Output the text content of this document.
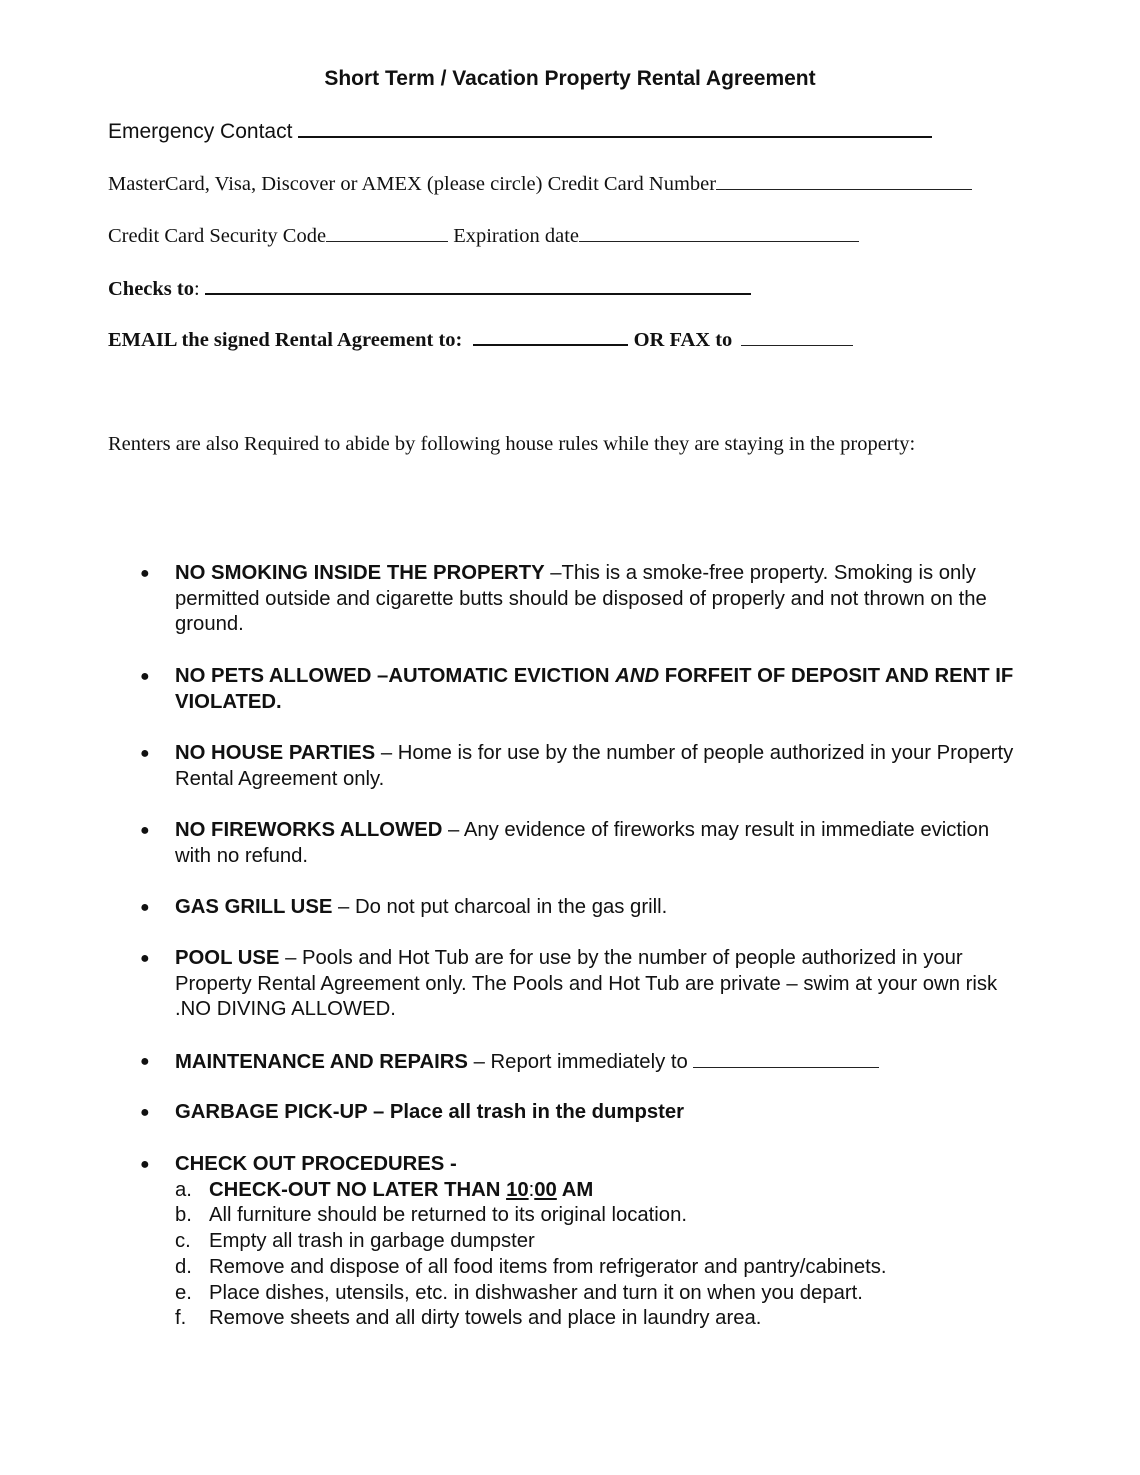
Short Term / Vacation Property Rental Agreement
Emergency Contact
MasterCard, Visa, Discover or AMEX (please circle) Credit Card Number
Credit Card Security Code	Expiration date
Checks to:
EMAIL the signed Rental Agreement to:	OR FAX to
Renters are also Required to abide by following house rules while they are staying in the property:
● NO SMOKING INSIDE THE PROPERTY –This is a smoke-free property. Smoking is only permitted outside and cigarette butts should be disposed of properly and not thrown on the ground.
● NO PETS ALLOWED –AUTOMATIC EVICTION AND FORFEIT OF DEPOSIT AND RENT IF VIOLATED.
● NO HOUSE PARTIES – Home is for use by the number of people authorized in your Property Rental Agreement only.
● NO FIREWORKS ALLOWED – Any evidence of fireworks may result in immediate eviction with no refund.
● GAS GRILL USE – Do not put charcoal in the gas grill.
● POOL USE – Pools and Hot Tub are for use by the number of people authorized in your Property Rental Agreement only. The Pools and Hot Tub are private – swim at your own risk .NO DIVING ALLOWED.
● MAINTENANCE AND REPAIRS – Report immediately to
● GARBAGE PICK-UP – Place all trash in the dumpster
● CHECK OUT PROCEDURES -
a. CHECK-OUT NO LATER THAN 10:00 AM
b. All furniture should be returned to its original location.
c. Empty all trash in garbage dumpster
d. Remove and dispose of all food items from refrigerator and pantry/cabinets.
e. Place dishes, utensils, etc. in dishwasher and turn it on when you depart.
f.	Remove sheets and all dirty towels and place in laundry area.
